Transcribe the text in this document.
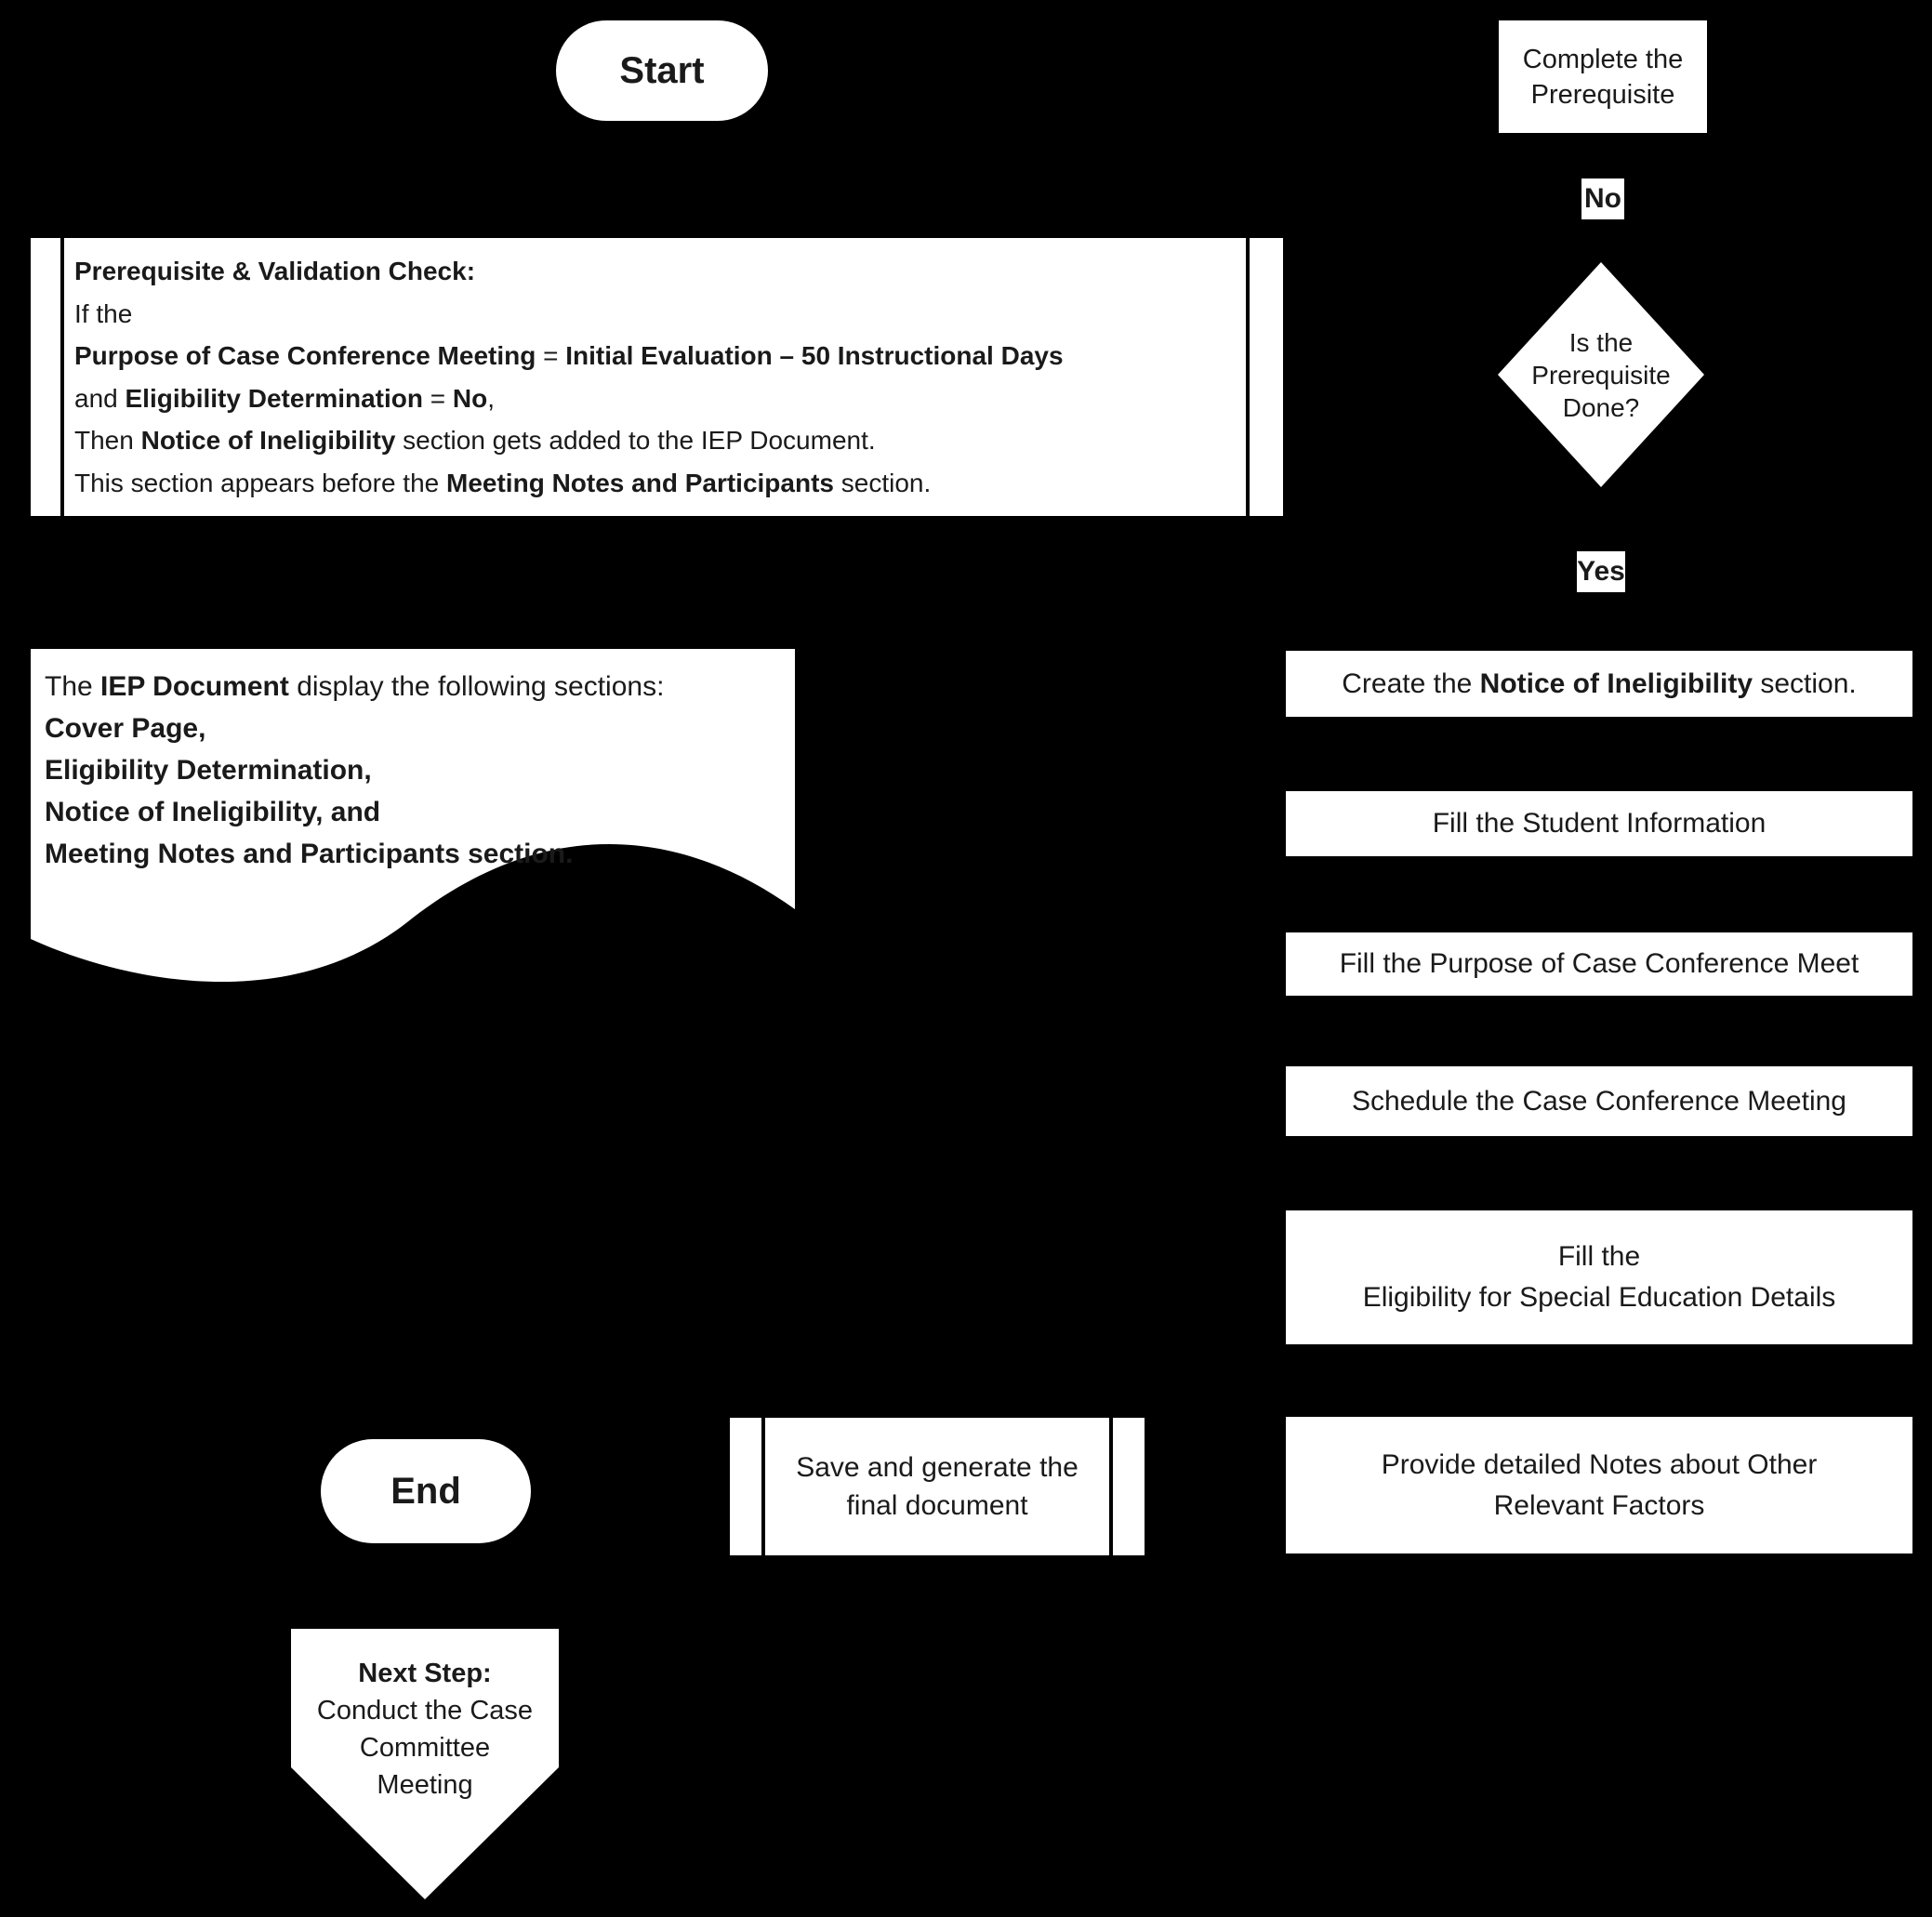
Start	Complete the
Prerequisite
No
Is the
Prerequisite
Done?
Yes
Prerequisite & Validation Check:
If the
Purpose of Case Conference Meeting = Initial Evaluation – 50 Instructional Days
and Eligibility Determination = No,
Then Notice of Ineligibility section gets added to the IEP Document.
This section appears before the Meeting Notes and Participants section.
The IEP Document display the following sections:
Cover Page,
Eligibility Determination,
Notice of Ineligibility, and
Meeting Notes and Participants section.
Create the Notice of Ineligibility section.
Fill the Student Information
Fill the Purpose of Case Conference Meet
Schedule the Case Conference Meeting
Fill the
Eligibility for Special Education Details
Provide detailed Notes about Other
Relevant Factors
Save and generate the
final document
End
Next Step:
Conduct the Case
Committee
Meeting
